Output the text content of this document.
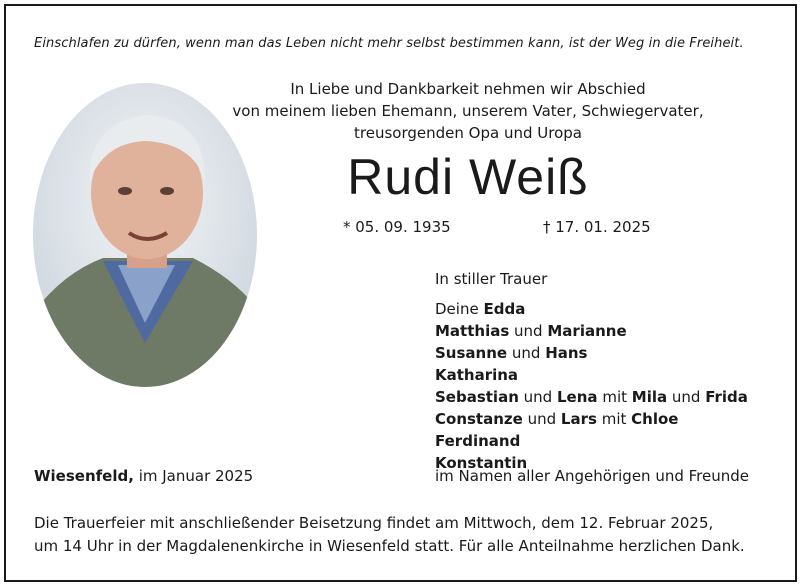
Einschlafen zu dürfen, wenn man das Leben nicht mehr selbst bestimmen kann, ist der Weg in die Freiheit.
In Liebe und Dankbarkeit nehmen wir Abschied
von meinem lieben Ehemann, unserem Vater, Schwiegervater,
treusorgenden Opa und Uropa
Rudi Weiß
* 05. 09. 1935	† 17. 01. 2025
In stiller Trauer
Deine Edda
Matthias und Marianne
Susanne und Hans
Katharina
Sebastian und Lena mit Mila und Frida
Constanze und Lars mit Chloe
Ferdinand
Konstantin
Wiesenfeld, im Januar 2025	im Namen aller Angehörigen und Freunde
Die Trauerfeier mit anschließender Beisetzung findet am Mittwoch, dem 12. Februar 2025,
um 14 Uhr in der Magdalenenkirche in Wiesenfeld statt. Für alle Anteilnahme herzlichen Dank.
